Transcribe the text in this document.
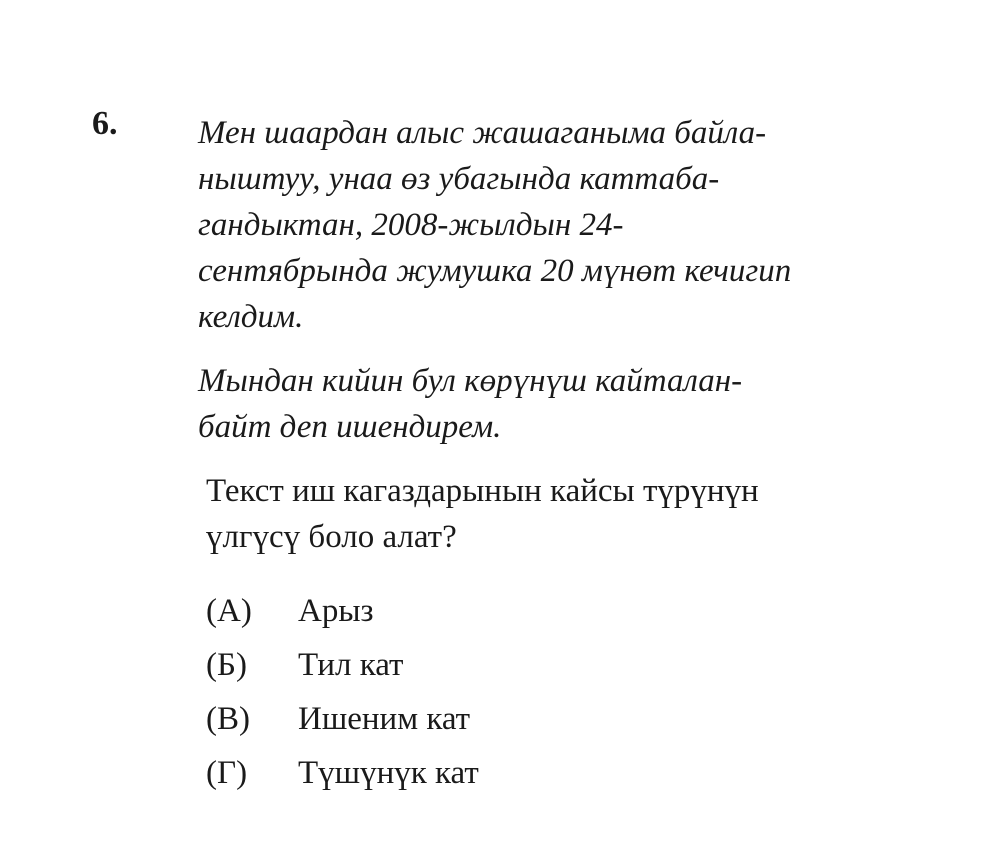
6. Мен шаардан алыс жашаганыма байла-
ныштуу, унаа өз убагында каттаба-
гандыктан, 2008-жылдын 24-
сентябрында жумушка 20 мүнөт кечигип
келдим.
Мындан кийин бул көрүнүш кайталан-
байт деп ишендирем.
Текст иш кагаздарынын кайсы түрүнүн
үлгүсү боло алат?
(А)	Арыз
(Б)	Тил кат
(В)	Ишеним кат
(Г)	Түшүнүк кат
